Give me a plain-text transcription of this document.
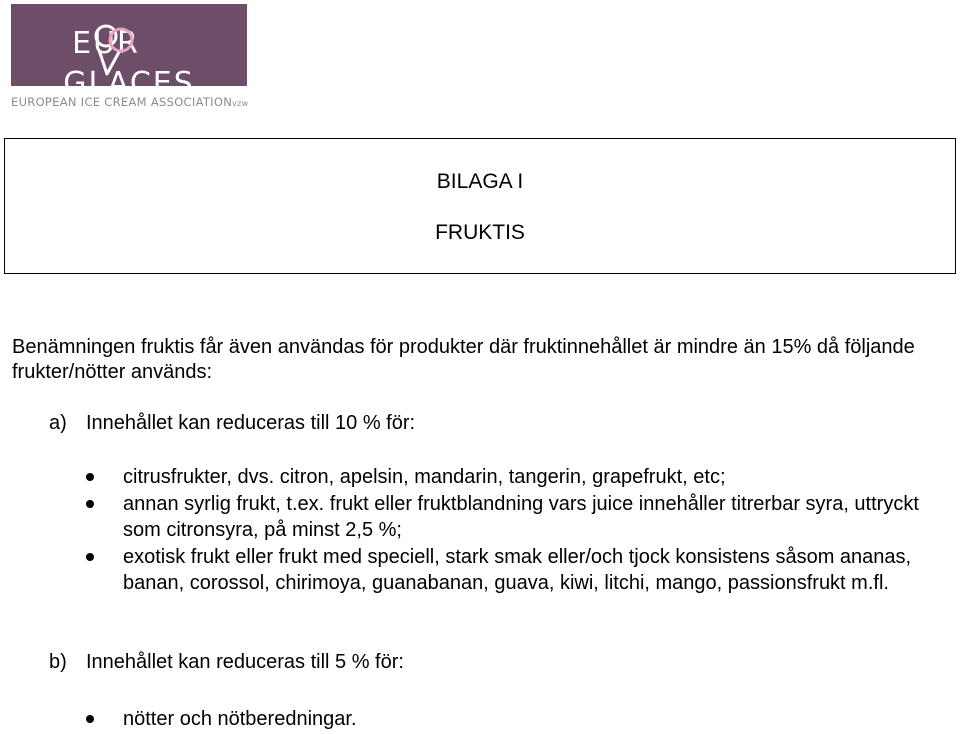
EURGLACES
EUROPEAN ICE CREAM ASSOCIATIONvzw
BILAGA I
FRUKTIS

Benämningen fruktis får även användas för produkter där fruktinnehållet är mindre än 15% då följande frukter/nötter används:

a) Innehållet kan reduceras till 10 % för:
citrusfrukter, dvs. citron, apelsin, mandarin, tangerin, grapefrukt, etc;
annan syrlig frukt, t.ex. frukt eller fruktblandning vars juice innehåller titrerbar syra, uttryckt som citronsyra, på minst 2,5 %;
exotisk frukt eller frukt med speciell, stark smak eller/och tjock konsistens såsom ananas, banan, corossol, chirimoya, guanabanan, guava, kiwi, litchi, mango, passionsfrukt m.fl.
b) Innehållet kan reduceras till 5 % för:
nötter och nötberedningar.
